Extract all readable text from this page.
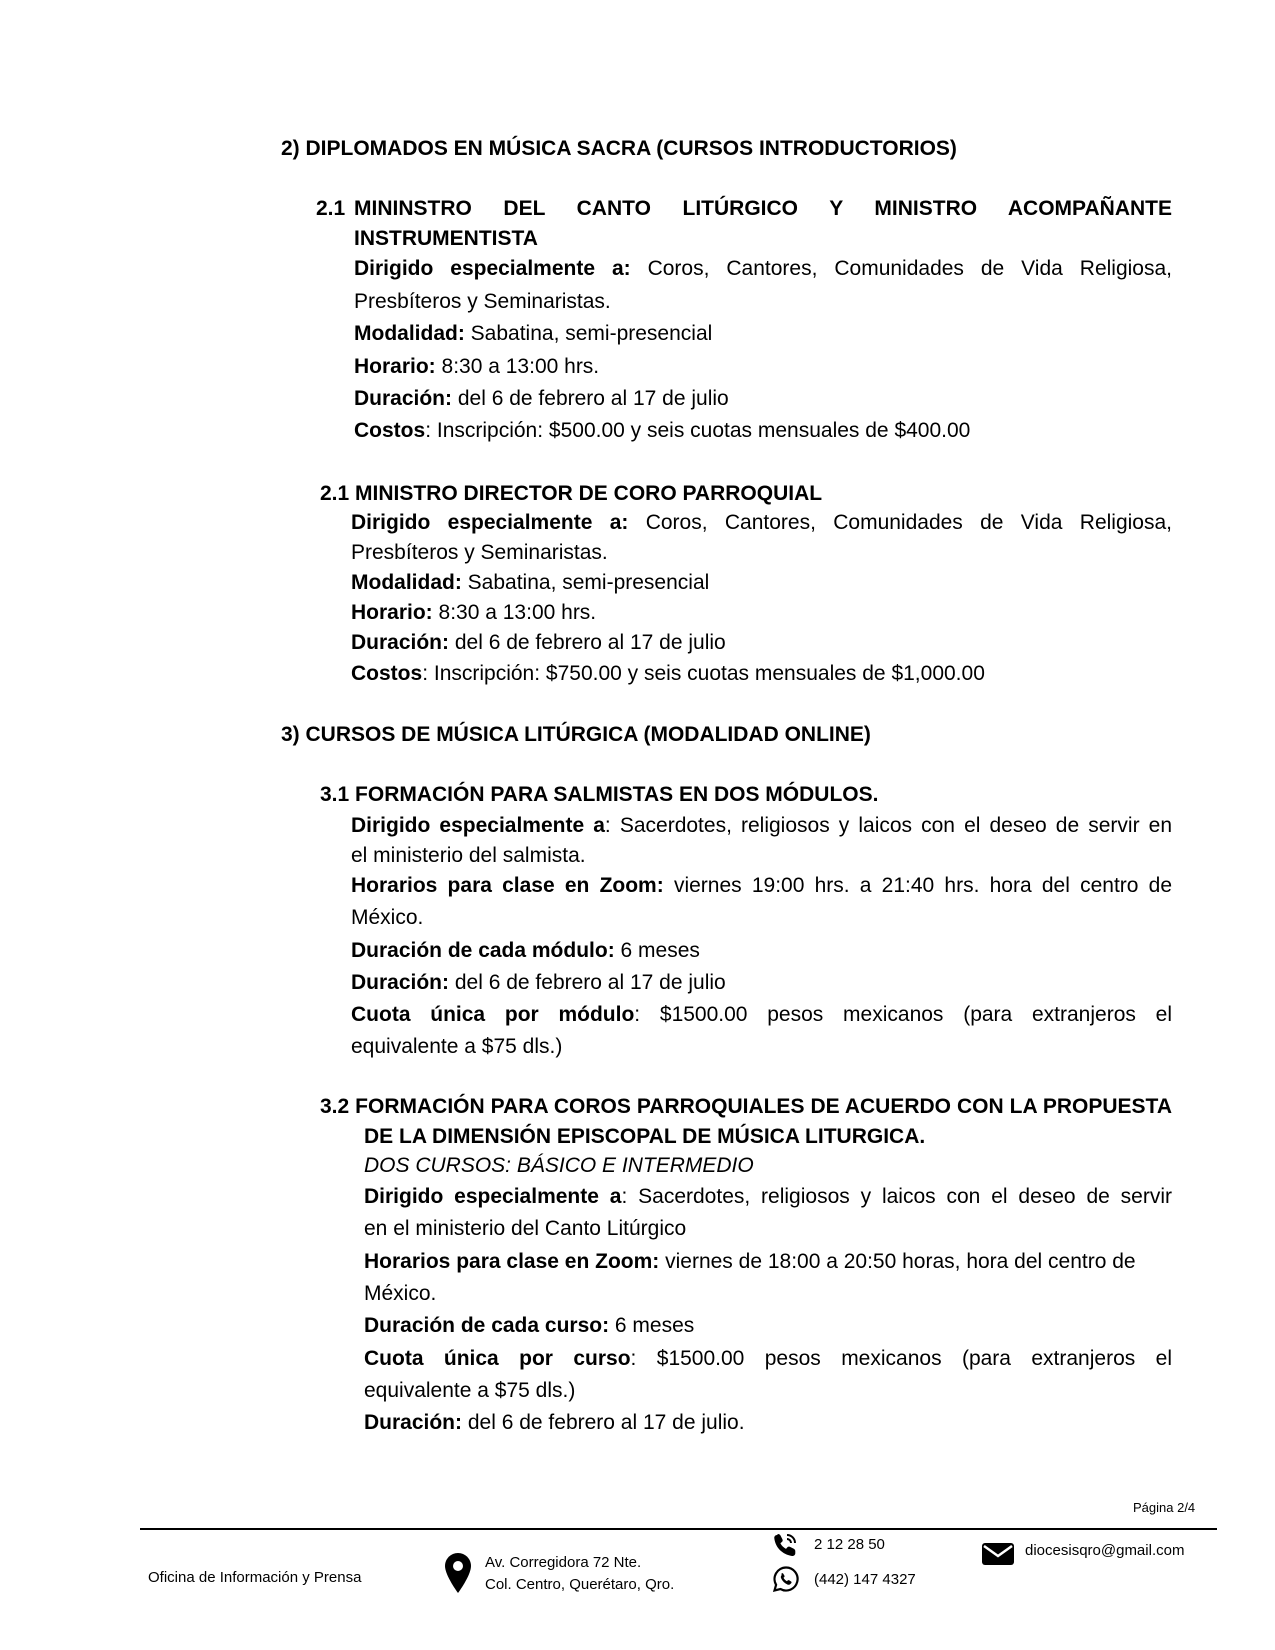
2) DIPLOMADOS EN MÚSICA SACRA (CURSOS INTRODUCTORIOS)
2.1 MININSTRO DEL CANTO LITÚRGICO Y MINISTRO ACOMPAÑANTE
INSTRUMENTISTA
Dirigido especialmente a: Coros, Cantores, Comunidades de Vida Religiosa,
Presbíteros y Seminaristas.
Modalidad: Sabatina, semi-presencial
Horario: 8:30 a 13:00 hrs.
Duración: del 6 de febrero al 17 de julio
Costos: Inscripción: $500.00 y seis cuotas mensuales de $400.00
2.1 MINISTRO DIRECTOR DE CORO PARROQUIAL
Dirigido especialmente a: Coros, Cantores, Comunidades de Vida Religiosa,
Presbíteros y Seminaristas.
Modalidad: Sabatina, semi-presencial
Horario: 8:30 a 13:00 hrs.
Duración: del 6 de febrero al 17 de julio
Costos: Inscripción: $750.00 y seis cuotas mensuales de $1,000.00
3) CURSOS DE MÚSICA LITÚRGICA (MODALIDAD ONLINE)
3.1 FORMACIÓN PARA SALMISTAS EN DOS MÓDULOS.
Dirigido especialmente a: Sacerdotes, religiosos y laicos con el deseo de servir en
el ministerio del salmista.
Horarios para clase en Zoom: viernes 19:00 hrs. a 21:40 hrs. hora del centro de
México.
Duración de cada módulo: 6 meses
Duración: del 6 de febrero al 17 de julio
Cuota única por módulo: $1500.00 pesos mexicanos (para extranjeros el
equivalente a $75 dls.)
3.2 FORMACIÓN PARA COROS PARROQUIALES DE ACUERDO CON LA PROPUESTA
DE LA DIMENSIÓN EPISCOPAL DE MÚSICA LITURGICA.
DOS CURSOS: BÁSICO E INTERMEDIO
Dirigido especialmente a: Sacerdotes, religiosos y laicos con el deseo de servir
en el ministerio del Canto Litúrgico
Horarios para clase en Zoom: viernes de 18:00 a 20:50 horas, hora del centro de
México.
Duración de cada curso: 6 meses
Cuota única por curso: $1500.00 pesos mexicanos (para extranjeros el
equivalente a $75 dls.)
Duración: del 6 de febrero al 17 de julio.
Página 2/4
Oficina de Información y Prensa
Av. Corregidora 72 Nte.
Col. Centro, Querétaro, Qro.
2 12 28 50
(442) 147 4327
diocesisqro@gmail.com
